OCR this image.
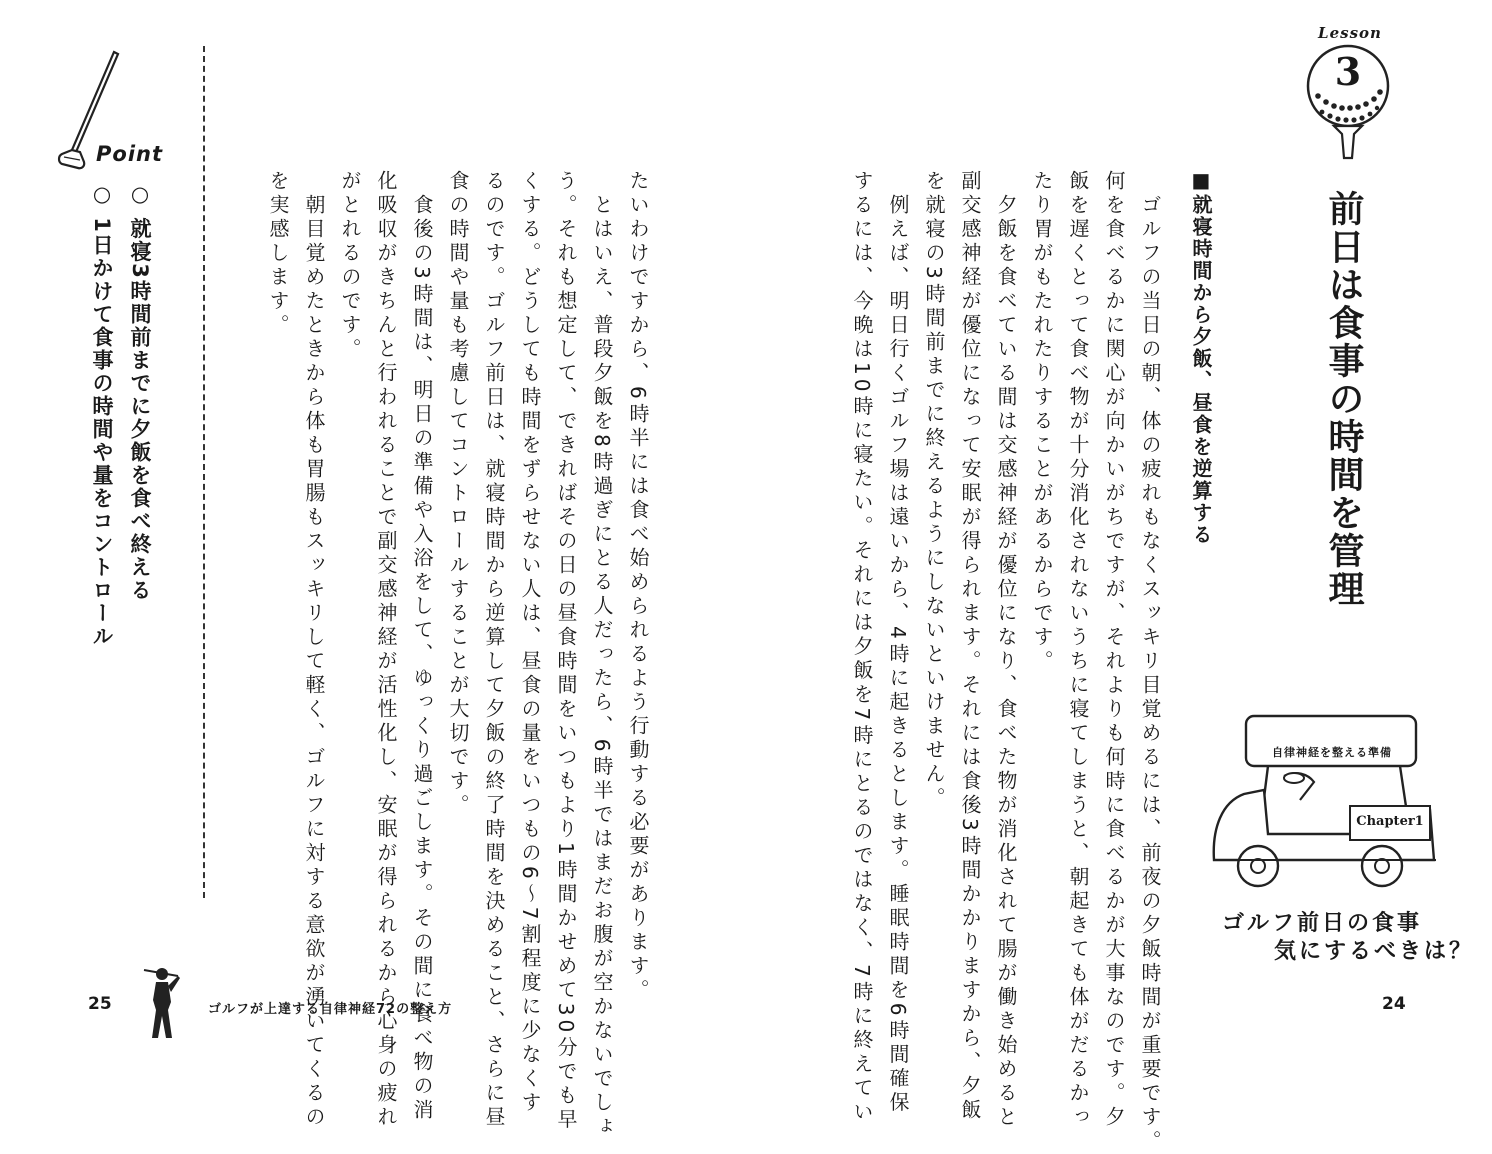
Point
○ 就寝3時間前までに夕飯を食べ終える
○ 1日かけて食事の時間や量をコントロール	たいわけですから、6時半には食べ始められるよう行動する必要があります。
　とはいえ、普段夕飯を8時過ぎにとる人だったら、6時半ではまだお腹が空かないでしょ
う。それも想定して、できればその日の昼食時間をいつもより1時間かせめて30分でも早
くする。どうしても時間をずらせない人は、昼食の量をいつもの6〜7割程度に少なくす
るのです。ゴルフ前日は、就寝時間から逆算して夕飯の終了時間を決めること、さらに昼
食の時間や量も考慮してコントロールすることが大切です。
　食後の3時間は、明日の準備や入浴をして、ゆっくり過ごします。その間に食べ物の消
化吸収がきちんと行われることで副交感神経が活性化し、安眠が得られるから心身の疲れ
がとれるのです。
　朝目覚めたときから体も胃腸もスッキリして軽く、ゴルフに対する意欲が湧いてくるの
を実感します。	　ゴルフの当日の朝、体の疲れもなくスッキリ目覚めるには、前夜の夕飯時間が重要です。
何を食べるかに関心が向かいがちですが、それよりも何時に食べるかが大事なのです。夕
飯を遅くとって食べ物が十分消化されないうちに寝てしまうと、朝起きても体がだるかっ
たり胃がもたれたりすることがあるからです。
　夕飯を食べている間は交感神経が優位になり、食べた物が消化されて腸が働き始めると
副交感神経が優位になって安眠が得られます。それには食後3時間かかりますから、夕飯
を就寝の3時間前までに終えるようにしないといけません。
　例えば、明日行くゴルフ場は遠いから、4時に起きるとします。睡眠時間を6時間確保
するには、今晩は10時に寝たい。それには夕飯を7時にとるのではなく、7時に終えてい	■就寝時間から夕飯、昼食を逆算する
Lesson
3
前日は食事の時間を管理
自律神経を整える準備
Chapter1
ゴルフ前日の食事
気にするべきは？
25	ゴルフが上達する自律神経72の整え方	24
